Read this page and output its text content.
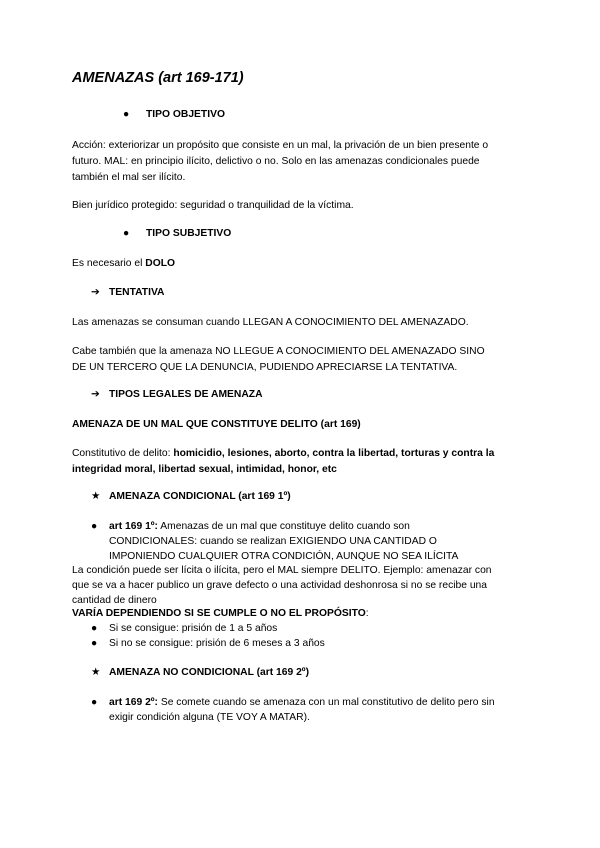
AMENAZAS (art 169-171)
● TIPO OBJETIVO
Acción: exteriorizar un propósito que consiste en un mal, la privación de un bien presente o
futuro. MAL: en principio ilícito, delictivo o no. Solo en las amenazas condicionales puede
también el mal ser ilícito.
Bien jurídico protegido: seguridad o tranquilidad de la víctima.
● TIPO SUBJETIVO
Es necesario el DOLO
➔ TENTATIVA
Las amenazas se consuman cuando LLEGAN A CONOCIMIENTO DEL AMENAZADO.
Cabe también que la amenaza NO LLEGUE A CONOCIMIENTO DEL AMENAZADO SINO
DE UN TERCERO QUE LA DENUNCIA, PUDIENDO APRECIARSE LA TENTATIVA.
➔ TIPOS LEGALES DE AMENAZA
AMENAZA DE UN MAL QUE CONSTITUYE DELITO (art 169)
Constitutivo de delito: homicidio, lesiones, aborto, contra la libertad, torturas y contra la
integridad moral, libertad sexual, intimidad, honor, etc
★ AMENAZA CONDICIONAL (art 169 1º)
● art 169 1º: Amenazas de un mal que constituye delito cuando son
CONDICIONALES: cuando se realizan EXIGIENDO UNA CANTIDAD O
IMPONIENDO CUALQUIER OTRA CONDICIÓN, AUNQUE NO SEA ILÍCITA
La condición puede ser lícita o ilícita, pero el MAL siempre DELITO. Ejemplo: amenazar con
que se va a hacer publico un grave defecto o una actividad deshonrosa si no se recibe una
cantidad de dinero
VARÍA DEPENDIENDO SI SE CUMPLE O NO EL PROPÓSITO:
● Si se consigue: prisión de 1 a 5 años
● Si no se consigue: prisión de 6 meses a 3 años
★ AMENAZA NO CONDICIONAL (art 169 2º)
● art 169 2º: Se comete cuando se amenaza con un mal constitutivo de delito pero sin
exigir condición alguna (TE VOY A MATAR).
